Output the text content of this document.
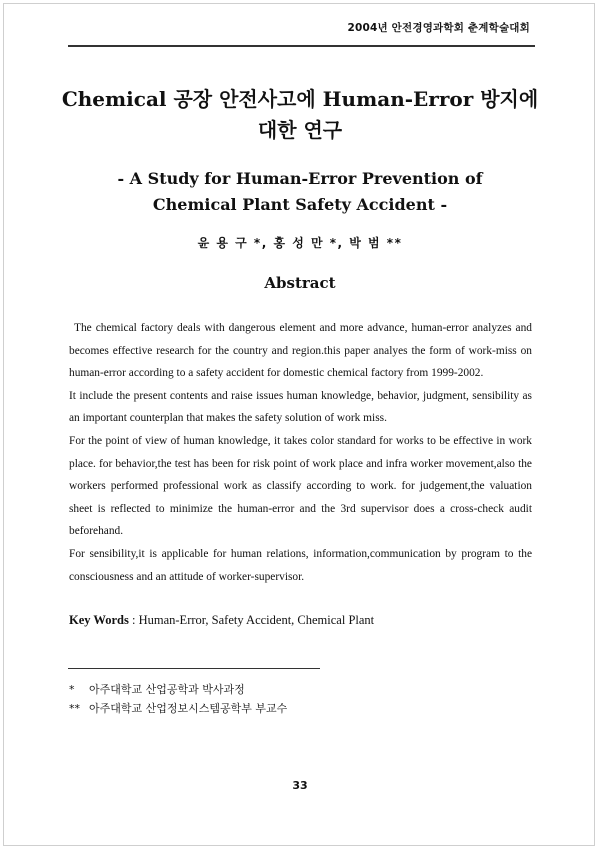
2004년 안전경영과학회 춘계학술대회
Chemical 공장 안전사고에 Human-Error 방지에
대한 연구
- A Study for Human-Error Prevention of
Chemical Plant Safety Accident -
윤 용 구 *, 홍 성 만 *, 박 범 **
Abstract

The chemical factory deals with dangerous element and more advance, human-error analyzes and becomes effective research for the country and region.this paper analyes the form of work-miss on human-error according to a safety accident for domestic chemical factory from 1999-2002.

It include the present contents and raise issues human knowledge, behavior, judgment, sensibility as an important counterplan that makes the safety solution of work miss.

For the point of view of human knowledge, it takes color standard for works to be effective in work place. for behavior,the test has been for risk point of work place and infra worker movement,also the workers performed professional work as classify according to work. for judgement,the valuation sheet is reflected to minimize the human-error and the 3rd supervisor does a cross-check audit beforehand.

For sensibility,it is applicable for human relations, information,communication by program to the consciousness and an attitude of worker-supervisor.

Key Words : Human-Error, Safety Accident, Chemical Plant
* 아주대학교 산업공학과 박사과정
** 아주대학교 산업정보시스템공학부 부교수
33
